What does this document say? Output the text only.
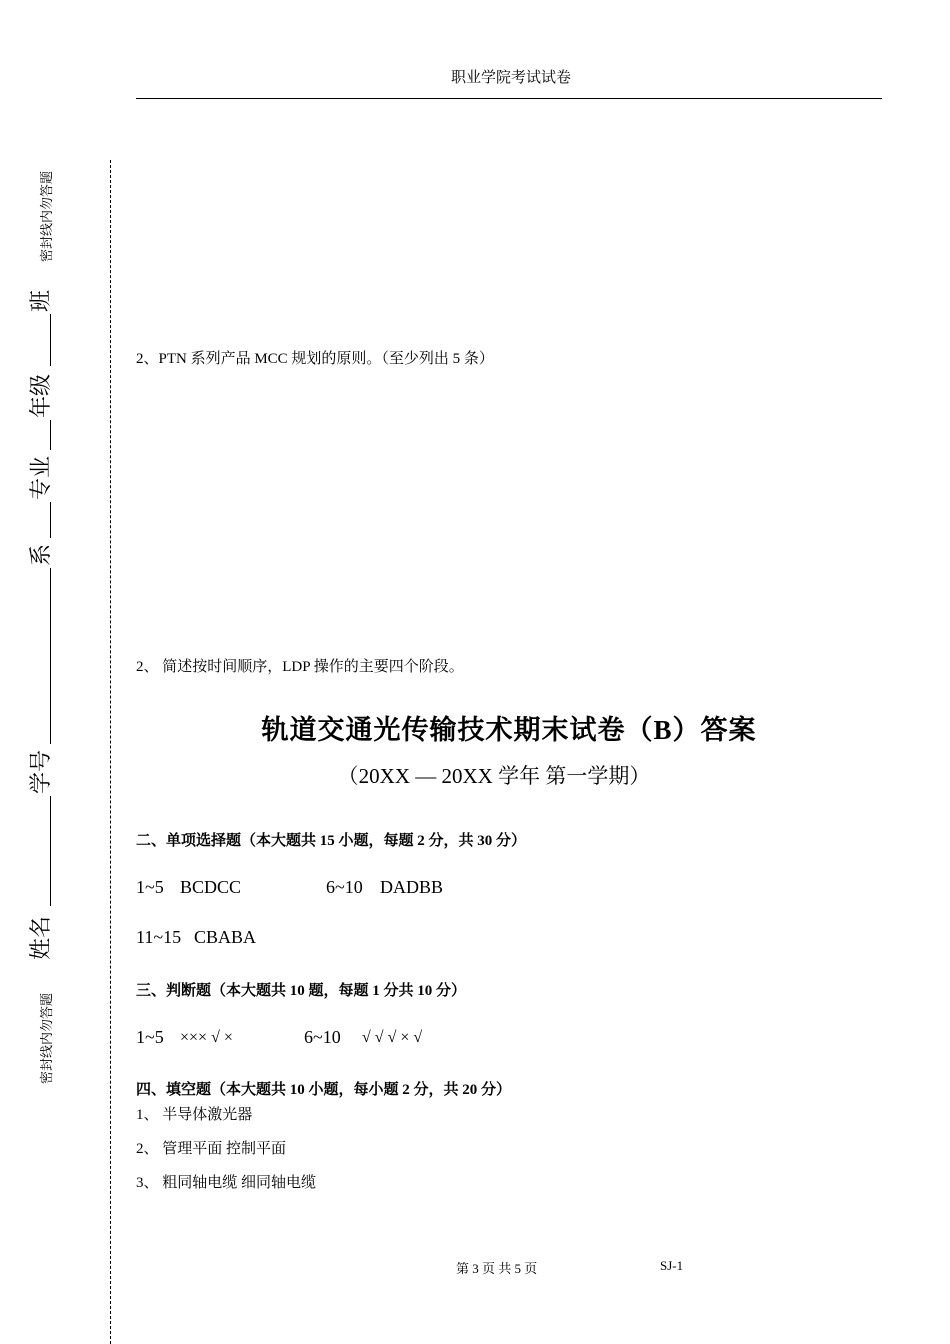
职业学院考试试卷
密封线内勿答题
密封线内勿答题
班
年级
专业
系
学号
姓名
2、PTN 系列产品 MCC 规划的原则。（至少列出 5 条）
2、 简述按时间顺序，LDP 操作的主要四个阶段。
轨道交通光传输技术期末试卷（B）答案
（20XX — 20XX 学年 第一学期）
二、单项选择题（本大题共 15 小题，每题 2 分，共 30 分）
1~5 BCDCC	6~10 DADBB
11~15 CBABA
三、判断题（本大题共 10 题，每题 1 分共 10 分）
1~5 ××× √ ×	6~10 √ √ √ × √
四、填空题（本大题共 10 小题，每小题 2 分，共 20 分）
1、 半导体激光器
2、 管理平面 控制平面
3、 粗同轴电缆 细同轴电缆
第 3 页 共 5 页	SJ-1
